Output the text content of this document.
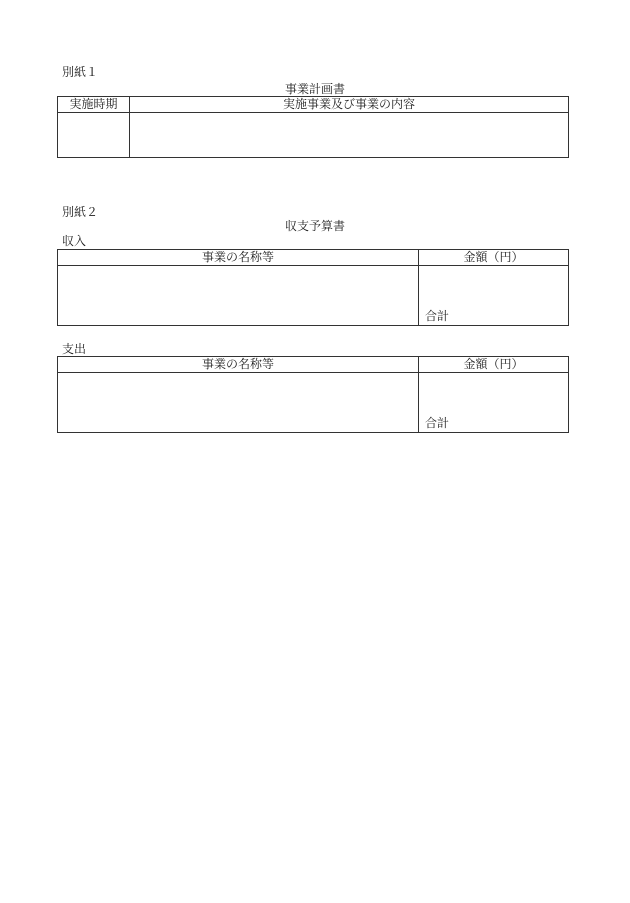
別紙１
事業計画書
実施時期	実施事業及び事業の内容

別紙２
収支予算書
収入
事業の名称等	金額（円）
	合計
支出
事業の名称等	金額（円）
	合計
